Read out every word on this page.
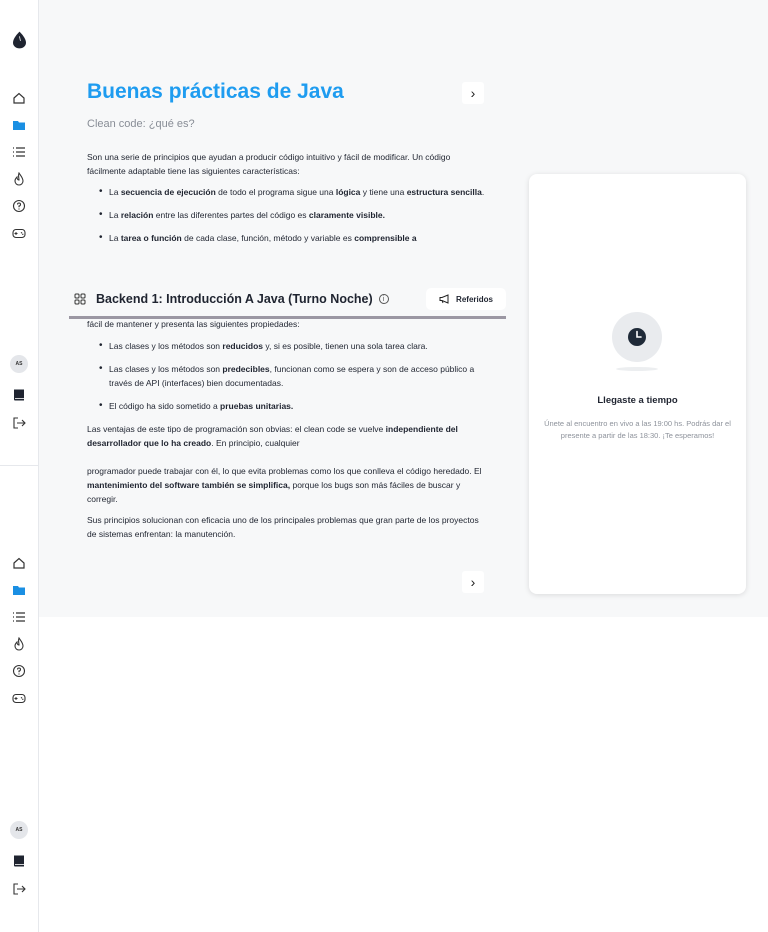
AS
AS
Buenas prácticas de Java	›
Clean code: ¿qué es?

Son una serie de principios que ayudan a producir código intuitivo y fácil de modificar. Un código fácilmente adaptable tiene las siguientes características:

• La secuencia de ejecución de todo el programa sigue una lógica y tiene una estructura sencilla.
• La relación entre las diferentes partes del código es claramente visible.
• La tarea o función de cada clase, función, método y variable es comprensible a
Backend 1: Introducción A Java (Turno Noche)	i	Referidos

fácil de mantener y presenta las siguientes propiedades:

• Las clases y los métodos son reducidos y, si es posible, tienen una sola tarea clara.
• Las clases y los métodos son predecibles, funcionan como se espera y son de acceso público a través de API (interfaces) bien documentadas.
• El código ha sido sometido a pruebas unitarias.

Las ventajas de este tipo de programación son obvias: el clean code se vuelve independiente del desarrollador que lo ha creado. En principio, cualquier

programador puede trabajar con él, lo que evita problemas como los que conlleva el código heredado. El mantenimiento del software también se simplifica, porque los bugs son más fáciles de buscar y corregir.

Sus principios solucionan con eficacia uno de los principales problemas que gran parte de los proyectos de sistemas enfrentan: la manutención.

›
Llegaste a tiempo
Únete al encuentro en vivo a las 19:00 hs. Podrás dar el presente a partir de las 18:30. ¡Te esperamos!
